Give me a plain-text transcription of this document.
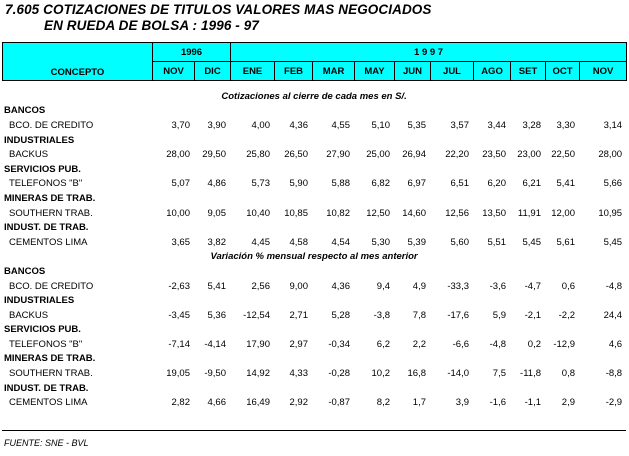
7.605 COTIZACIONES DE TITULOS VALORES MAS NEGOCIADOS
EN RUEDA DE BOLSA : 1996 - 97
CONCEPTO	1996		1 9 9 7									
	NOV	DIC	ENE	FEB	MAR	MAY	JUN	JUL	AGO	SET	OCT	NOV
Cotizaciones al cierre de cada mes en S/.												
BANCOS												
BCO. DE CREDITO	3,70	3,90	4,00	4,36	4,55	5,10	5,35	3,57	3,44	3,28	3,30	3,14
INDUSTRIALES												
BACKUS	28,00	29,50	25,80	26,50	27,90	25,00	26,94	22,20	23,50	23,00	22,50	28,00
SERVICIOS PUB.												
TELEFONOS "B"	5,07	4,86	5,73	5,90	5,88	6,82	6,97	6,51	6,20	6,21	5,41	5,66
MINERAS DE TRAB.												
SOUTHERN TRAB.	10,00	9,05	10,40	10,85	10,82	12,50	14,60	12,56	13,50	11,91	12,00	10,95
INDUST. DE TRAB.												
CEMENTOS LIMA	3,65	3,82	4,45	4,58	4,54	5,30	5,39	5,60	5,51	5,45	5,61	5,45
Variación % mensual respecto al mes anterior												
BANCOS												
BCO. DE CREDITO	-2,63	5,41	2,56	9,00	4,36	9,4	4,9	-33,3	-3,6	-4,7	0,6	-4,8
INDUSTRIALES												
BACKUS	-3,45	5,36	-12,54	2,71	5,28	-3,8	7,8	-17,6	5,9	-2,1	-2,2	24,4
SERVICIOS PUB.												
TELEFONOS "B"	-7,14	-4,14	17,90	2,97	-0,34	6,2	2,2	-6,6	-4,8	0,2	-12,9	4,6
MINERAS DE TRAB.												
SOUTHERN TRAB.	19,05	-9,50	14,92	4,33	-0,28	10,2	16,8	-14,0	7,5	-11,8	0,8	-8,8
INDUST. DE TRAB.												
CEMENTOS LIMA	2,82	4,66	16,49	2,92	-0,87	8,2	1,7	3,9	-1,6	-1,1	2,9	-2,9
FUENTE: SNE - BVL
